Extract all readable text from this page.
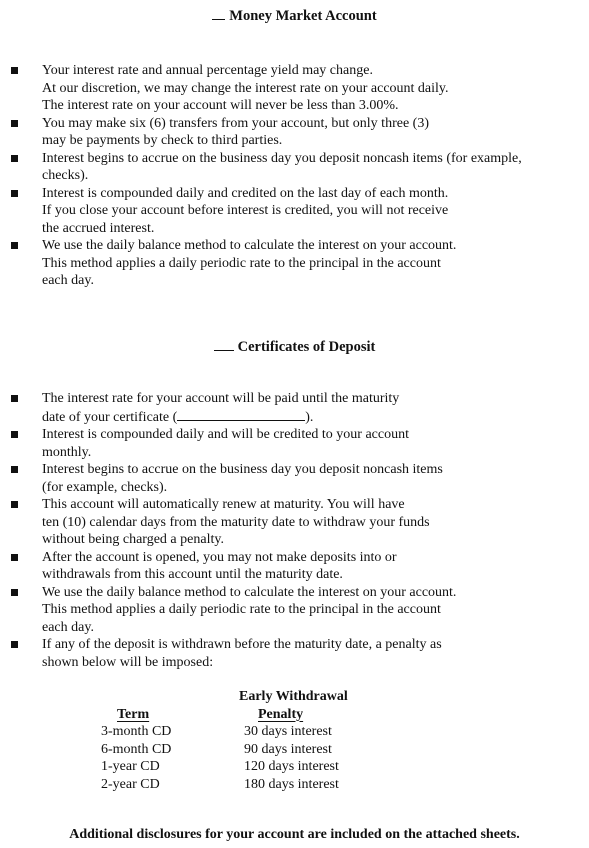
Money Market Account
Your interest rate and annual percentage yield may change.
At our discretion, we may change the interest rate on your account daily.
The interest rate on your account will never be less than 3.00%.
You may make six (6) transfers from your account, but only three (3)
may be payments by check to third parties.
Interest begins to accrue on the business day you deposit noncash items (for example,
checks).
Interest is compounded daily and credited on the last day of each month.
If you close your account before interest is credited, you will not receive
the accrued interest.
We use the daily balance method to calculate the interest on your account.
This method applies a daily periodic rate to the principal in the account
each day.
Certificates of Deposit
The interest rate for your account will be paid until the maturity
date of your certificate (	).
Interest is compounded daily and will be credited to your account
monthly.
Interest begins to accrue on the business day you deposit noncash items
(for example, checks).
This account will automatically renew at maturity. You will have
ten (10) calendar days from the maturity date to withdraw your funds
without being charged a penalty.
After the account is opened, you may not make deposits into or
withdrawals from this account until the maturity date.
We use the daily balance method to calculate the interest on your account.
This method applies a daily periodic rate to the principal in the account
each day.
If any of the deposit is withdrawn before the maturity date, a penalty as
shown below will be imposed:
Term
3-month CD
6-month CD
1-year CD
2-year CD
Early Withdrawal
Penalty
30 days interest
90 days interest
120 days interest
180 days interest
Additional disclosures for your account are included on the attached sheets.
